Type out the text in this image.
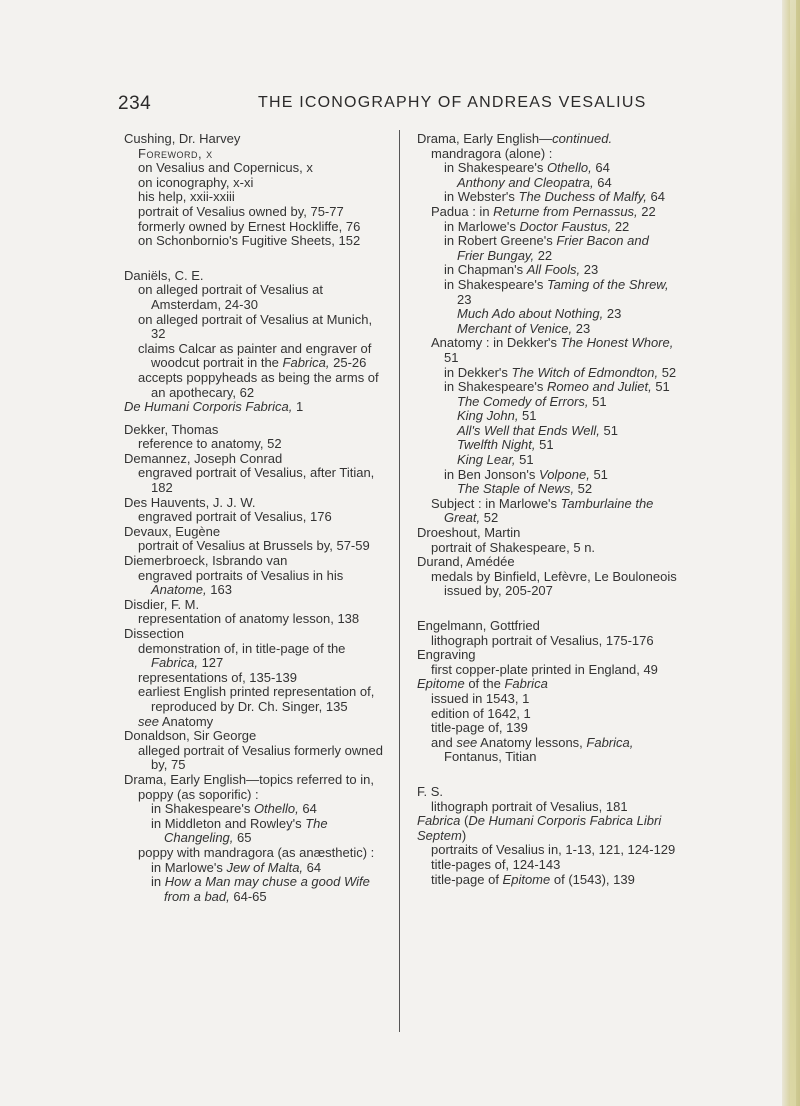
234	THE ICONOGRAPHY OF ANDREAS VESALIUS
Cushing, Dr. Harvey
Foreword, x
on Vesalius and Copernicus, x
on iconography, x-xi
his help, xxii-xxiii
portrait of Vesalius owned by, 75-77
formerly owned by Ernest Hockliffe, 76
on Schonbornio's Fugitive Sheets, 152
Daniëls, C. E.
on alleged portrait of Vesalius at Amsterdam, 24-30
on alleged portrait of Vesalius at Munich, 32
claims Calcar as painter and engraver of woodcut portrait in the Fabrica, 25-26
accepts poppyheads as being the arms of an apothecary, 62
De Humani Corporis Fabrica, 1
Dekker, Thomas
reference to anatomy, 52
Demannez, Joseph Conrad
engraved portrait of Vesalius, after Titian, 182
Des Hauvents, J. J. W.
engraved portrait of Vesalius, 176
Devaux, Eugène
portrait of Vesalius at Brussels by, 57-59
Diemerbroeck, Isbrando van
engraved portraits of Vesalius in his Anatome, 163
Disdier, F. M.
representation of anatomy lesson, 138
Dissection
demonstration of, in title-page of the Fabrica, 127
representations of, 135-139
earliest English printed representation of, reproduced by Dr. Ch. Singer, 135
see Anatomy
Donaldson, Sir George
alleged portrait of Vesalius formerly owned by, 75
Drama, Early English—topics referred to in,
poppy (as soporific) :
in Shakespeare's Othello, 64
in Middleton and Rowley's The Changeling, 65
poppy with mandragora (as anæsthetic) :
in Marlowe's Jew of Malta, 64
in How a Man may chuse a good Wife from a bad, 64-65
Drama, Early English—continued.
mandragora (alone) :
in Shakespeare's Othello, 64
Anthony and Cleopatra, 64
in Webster's The Duchess of Malfy, 64
Padua : in Returne from Pernassus, 22
in Marlowe's Doctor Faustus, 22
in Robert Greene's Frier Bacon and Frier Bungay, 22
in Chapman's All Fools, 23
in Shakespeare's Taming of the Shrew, 23
Much Ado about Nothing, 23
Merchant of Venice, 23
Anatomy : in Dekker's The Honest Whore, 51
in Dekker's The Witch of Edmondton, 52
in Shakespeare's Romeo and Juliet, 51
The Comedy of Errors, 51
King John, 51
All's Well that Ends Well, 51
Twelfth Night, 51
King Lear, 51
in Ben Jonson's Volpone, 51
The Staple of News, 52
Subject : in Marlowe's Tamburlaine the Great, 52
Droeshout, Martin
portrait of Shakespeare, 5 n.
Durand, Amédée
medals by Binfield, Lefèvre, Le Bouloneois issued by, 205-207
Engelmann, Gottfried
lithograph portrait of Vesalius, 175-176
Engraving
first copper-plate printed in England, 49
Epitome of the Fabrica
issued in 1543, 1
edition of 1642, 1
title-page of, 139
and see Anatomy lessons, Fabrica, Fontanus, Titian
F. S.
lithograph portrait of Vesalius, 181
Fabrica (De Humani Corporis Fabrica Libri Septem)
portraits of Vesalius in, 1-13, 121, 124-129
title-pages of, 124-143
title-page of Epitome of (1543), 139
